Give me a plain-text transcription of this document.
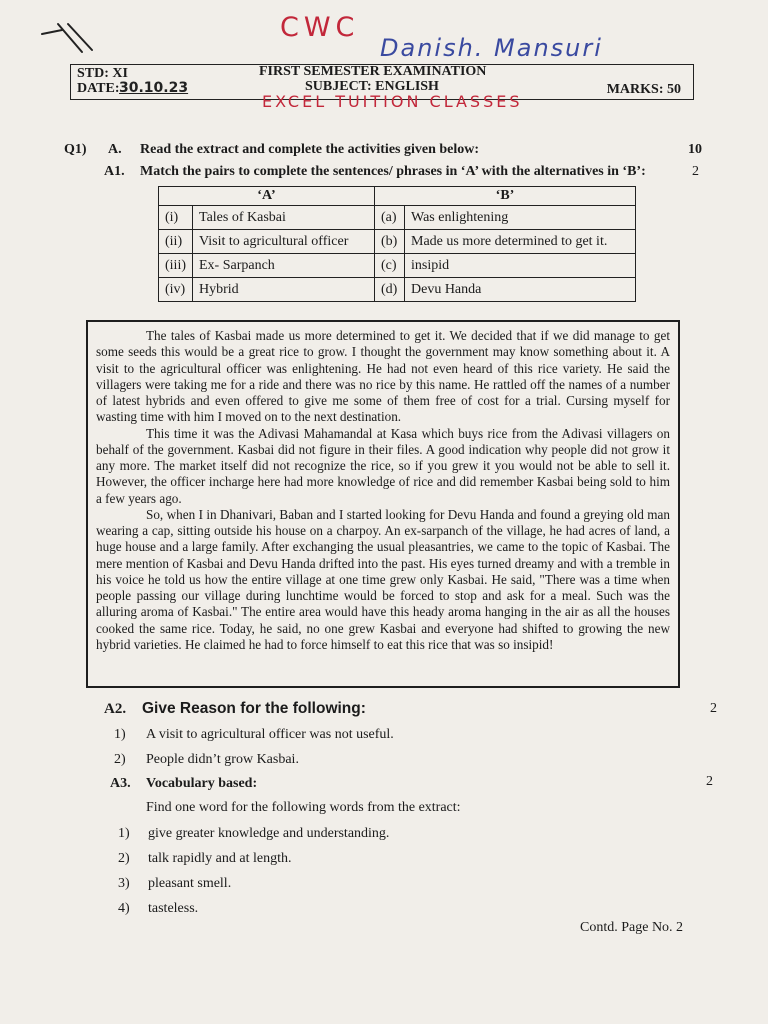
CWC
Danish. Mansuri
STD: XI
DATE: 30.10.23
FIRST SEMESTER EXAMINATION
SUBJECT: ENGLISH	MARKS: 50
EXCEL TUITION CLASSES
Q1) A. Read the extract and complete the activities given below:	10
A1. Match the pairs to complete the sentences/ phrases in ‘A’ with the alternatives in ‘B’:	2
‘A’		‘B’	
(i)	Tales of Kasbai	(a)	Was enlightening
(ii)	Visit to agricultural officer	(b)	Made us more determined to get it.
(iii)	Ex- Sarpanch	(c)	insipid
(iv)	Hybrid	(d)	Devu Handa

The tales of Kasbai made us more determined to get it. We decided that if we did manage to get some seeds this would be a great rice to grow. I thought the government may know something about it. A visit to the agricultural officer was enlightening. He had not even heard of this rice variety. He said the villagers were taking me for a ride and there was no rice by this name. He rattled off the names of a number of latest hybrids and even offered to give me some of them free of cost for a trial. Cursing myself for wasting time with him I moved on to the next destination.

This time it was the Adivasi Mahamandal at Kasa which buys rice from the Adivasi villagers on behalf of the government. Kasbai did not figure in their files. A good indication why people did not grow it any more. The market itself did not recognize the rice, so if you grew it you would not be able to sell it. However, the officer incharge here had more knowledge of rice and did remember Kasbai being sold to him a few years ago.

So, when I in Dhanivari, Baban and I started looking for Devu Handa and found a greying old man wearing a cap, sitting outside his house on a charpoy. An ex-sarpanch of the village, he had acres of land, a huge house and a large family. After exchanging the usual pleasantries, we came to the topic of Kasbai. The mere mention of Kasbai and Devu Handa drifted into the past. His eyes turned dreamy and with a tremble in his voice he told us how the entire village at one time grew only Kasbai. He said, "There was a time when people passing our village during lunchtime would be forced to stop and ask for a meal. Such was the alluring aroma of Kasbai." The entire area would have this heady aroma hanging in the air as all the houses cooked the same rice. Today, he said, no one grew Kasbai and everyone had shifted to growing the new hybrid varieties. He claimed he had to force himself to eat this rice that was so insipid!

A2. Give Reason for the following:	2
1) A visit to agricultural officer was not useful.
2) People didn’t grow Kasbai.
A3. Vocabulary based:	2
Find one word for the following words from the extract:
1) give greater knowledge and understanding.
2) talk rapidly and at length.
3) pleasant smell.
4) tasteless.
Contd. Page No. 2
